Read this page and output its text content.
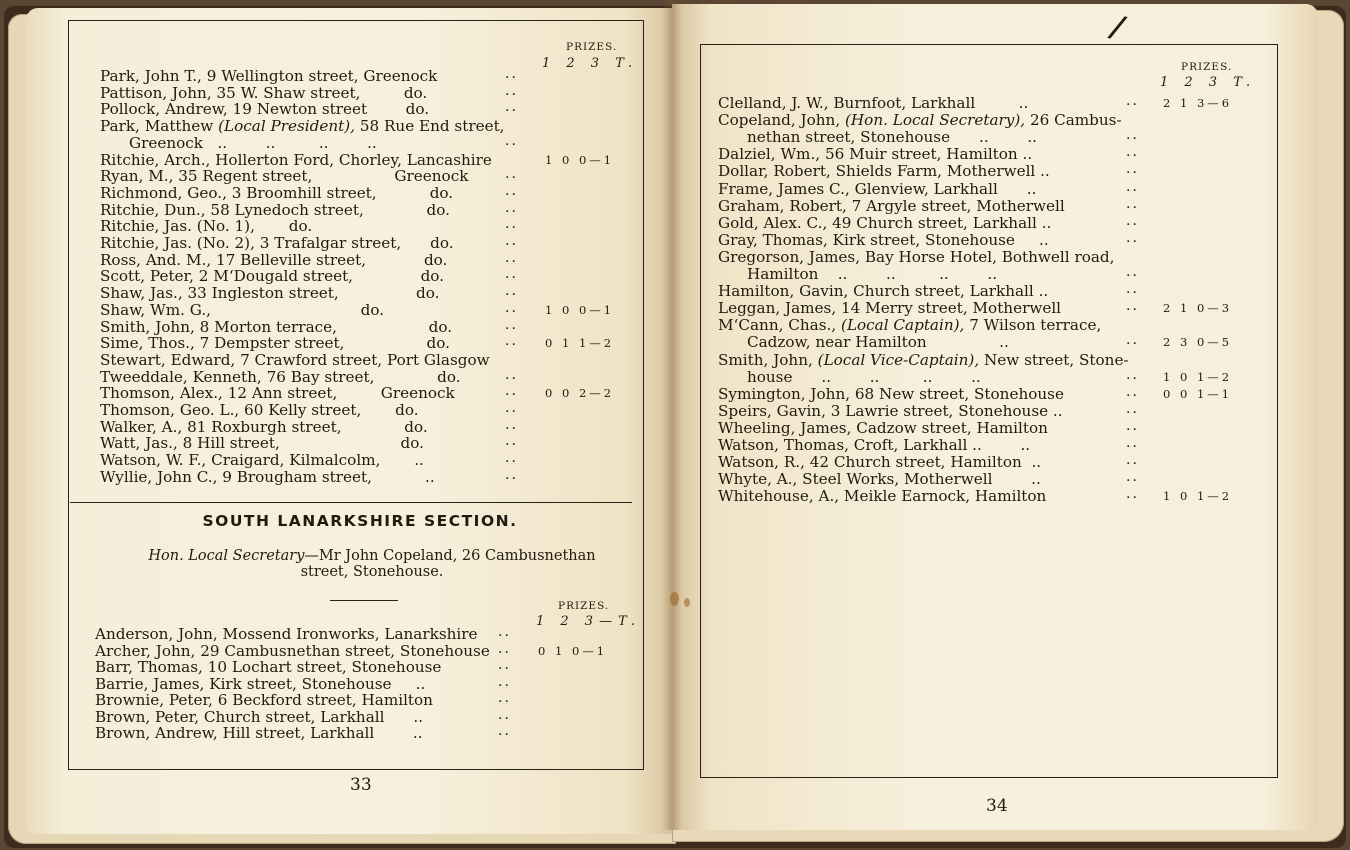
PRIZES.
1 2 3 T.
Park, John T., 9 Wellington street, Greenock	..
Pattison, John, 35 W. Shaw street,         do.	..
Pollock, Andrew, 19 Newton street        do.	..
Park, Matthew (Local President), 58 Rue End street,
Greenock   ..        ..         ..        ..	..
Ritchie, Arch., Hollerton Ford, Chorley, Lancashire	1 0 0—1
Ryan, M., 35 Regent street,                 Greenock	..
Richmond, Geo., 3 Broomhill street,           do.	..
Ritchie, Dun., 58 Lynedoch street,             do.	..
Ritchie, Jas. (No. 1),       do.	..
Ritchie, Jas. (No. 2), 3 Trafalgar street,      do.	..
Ross, And. M., 17 Belleville street,            do.	..
Scott, Peter, 2 M‘Dougald street,              do.	..
Shaw, Jas., 33 Ingleston street,                do.	..
Shaw, Wm. G.,                               do.	.. 1 0 0—1
Smith, John, 8 Morton terrace,                   do.	..
Sime, Thos., 7 Dempster street,                 do.	.. 0 1 1—2
Stewart, Edward, 7 Crawford street, Port Glasgow
Tweeddale, Kenneth, 76 Bay street,             do.	..
Thomson, Alex., 12 Ann street,         Greenock	.. 0 0 2—2
Thomson, Geo. L., 60 Kelly street,       do.	..
Walker, A., 81 Roxburgh street,             do.	..
Watt, Jas., 8 Hill street,                         do.	..
Watson, W. F., Craigard, Kilmalcolm,       ..	..
Wyllie, John C., 9 Brougham street,           ..	..
SOUTH LANARKSHIRE SECTION.
Hon. Local Secretary—Mr John Copeland, 26 Cambusnethan
street, Stonehouse.
PRIZES.
1 2 3—T.
Anderson, John, Mossend Ironworks, Lanarkshire ..
Archer, John, 29 Cambusnethan street, Stonehouse .. 0 1 0—1
Barr, Thomas, 10 Lochart street, Stonehouse	..
Barrie, James, Kirk street, Stonehouse     ..	..
Brownie, Peter, 6 Beckford street, Hamilton	..
Brown, Peter, Church street, Larkhall      ..	..
Brown, Andrew, Hill street, Larkhall        ..	..
33
/
PRIZES.
1 2 3 T.
Clelland, J. W., Burnfoot, Larkhall         ..	.. 2 1 3—6
Copeland, John, (Hon. Local Secretary), 26 Cambus-
nethan street, Stonehouse      ..        ..	..
Dalziel, Wm., 56 Muir street, Hamilton ..	..
Dollar, Robert, Shields Farm, Motherwell ..	..
Frame, James C., Glenview, Larkhall      ..	..
Graham, Robert, 7 Argyle street, Motherwell	..
Gold, Alex. C., 49 Church street, Larkhall ..	..
Gray, Thomas, Kirk street, Stonehouse     ..	..
Gregorson, James, Bay Horse Hotel, Bothwell road,
Hamilton    ..        ..         ..        ..	..
Hamilton, Gavin, Church street, Larkhall ..	..
Leggan, James, 14 Merry street, Motherwell	.. 2 1 0—3
M‘Cann, Chas., (Local Captain), 7 Wilson terrace,
Cadzow, near Hamilton               ..	.. 2 3 0—5
Smith, John, (Local Vice-Captain), New street, Stone-
house      ..        ..         ..        ..	.. 1 0 1—2
Symington, John, 68 New street, Stonehouse	.. 0 0 1—1
Speirs, Gavin, 3 Lawrie street, Stonehouse ..	..
Wheeling, James, Cadzow street, Hamilton	..
Watson, Thomas, Croft, Larkhall ..        ..	..
Watson, R., 42 Church street, Hamilton  ..	..
Whyte, A., Steel Works, Motherwell        ..	..
Whitehouse, A., Meikle Earnock, Hamilton	.. 1 0 1—2
34
